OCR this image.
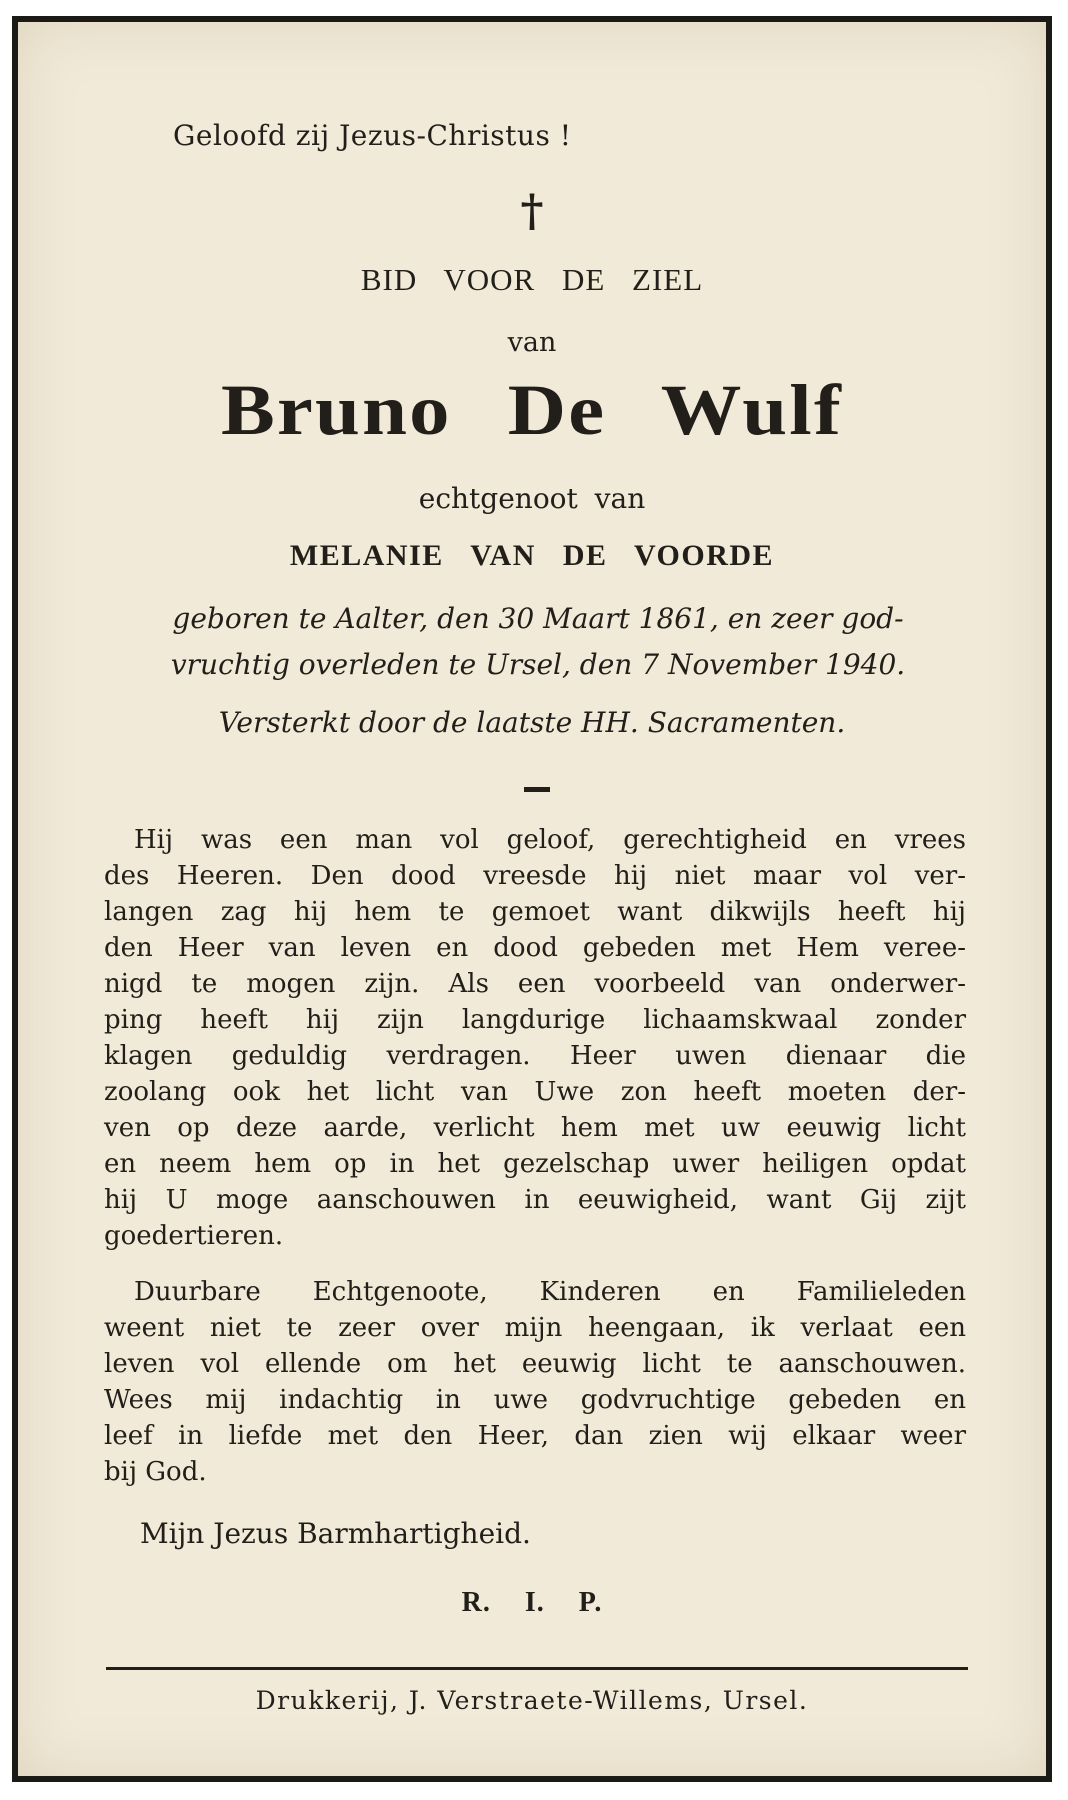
Geloofd zij Jezus-Christus !

†

BID VOOR DE ZIEL

van

Bruno De Wulf

echtgenoot van

MELANIE VAN DE VOORDE

geboren te Aalter, den 30 Maart 1861, en zeer god-
vruchtig overleden te Ursel, den 7 November 1940.

Versterkt door de laatste HH. Sacramenten.

Hij was een man vol geloof, gerechtigheid en vrees
des Heeren. Den dood vreesde hij niet maar vol ver-
langen zag hij hem te gemoet want dikwijls heeft hij
den Heer van leven en dood gebeden met Hem veree-
nigd te mogen zijn. Als een voorbeeld van onderwer-
ping heeft hij zijn langdurige lichaamskwaal zonder
klagen geduldig verdragen. Heer uwen dienaar die
zoolang ook het licht van Uwe zon heeft moeten der-
ven op deze aarde, verlicht hem met uw eeuwig licht
en neem hem op in het gezelschap uwer heiligen opdat
hij U moge aanschouwen in eeuwigheid, want Gij zijt
goedertieren.
Duurbare Echtgenoote, Kinderen en Familieleden
weent niet te zeer over mijn heengaan, ik verlaat een
leven vol ellende om het eeuwig licht te aanschouwen.
Wees mij indachtig in uwe godvruchtige gebeden en
leef in liefde met den Heer, dan zien wij elkaar weer
bij God.

Mijn Jezus Barmhartigheid.

R. I. P.

Drukkerij, J. Verstraete-Willems, Ursel.
